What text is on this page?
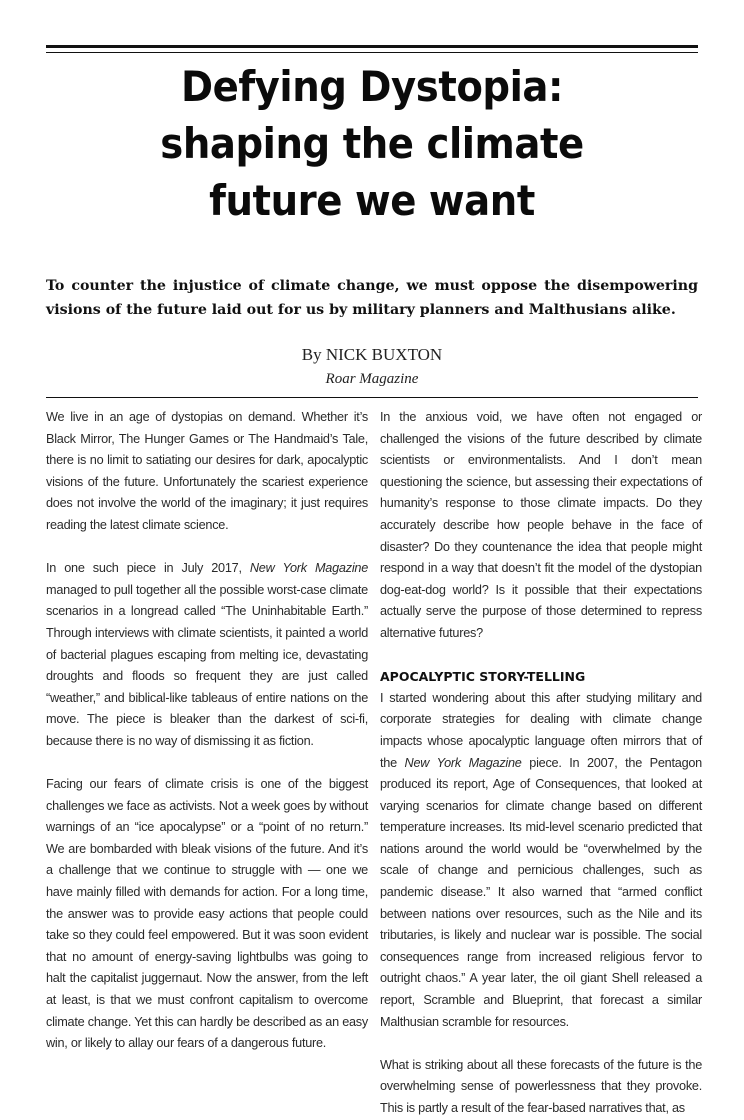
Defying Dystopia:
shaping the climate
future we want

To counter the injustice of climate change, we must oppose the disempowering visions of the future laid out for us by military planners and Malthusians alike.

By NICK BUXTON
Roar Magazine

We live in an age of dystopias on demand. Whether it’s Black Mirror, The Hunger Games or The Handmaid’s Tale, there is no limit to satiating our desires for dark, apocalyptic visions of the future. Unfortunately the scariest experience does not involve the world of the imaginary; it just requires reading the latest climate science.

In one such piece in July 2017, New York Magazine managed to pull together all the possible worst-case climate scenarios in a longread called “The Uninhabitable Earth.” Through interviews with climate scientists, it painted a world of bacterial plagues escaping from melting ice, devastating droughts and floods so frequent they are just called “weather,” and biblical-like tableaus of entire nations on the move. The piece is bleaker than the darkest of sci-fi, because there is no way of dismissing it as fiction.

Facing our fears of climate crisis is one of the biggest challenges we face as activists. Not a week goes by without warnings of an “ice apocalypse” or a “point of no return.” We are bombarded with bleak visions of the future. And it’s a challenge that we continue to struggle with — one we have mainly filled with demands for action. For a long time, the answer was to provide easy actions that people could take so they could feel empowered. But it was soon evident that no amount of energy-saving lightbulbs was going to halt the capitalist juggernaut. Now the answer, from the left at least, is that we must confront capitalism to overcome climate change. Yet this can hardly be described as an easy win, or likely to allay our fears of a dangerous future.

In the anxious void, we have often not engaged or challenged the visions of the future described by climate scientists or environmentalists. And I don’t mean questioning the science, but assessing their expectations of humanity’s response to those climate impacts. Do they accurately describe how people behave in the face of disaster? Do they countenance the idea that people might respond in a way that doesn’t fit the model of the dystopian dog-eat-dog world? Is it possible that their expectations actually serve the purpose of those determined to repress alternative futures?

APOCALYPTIC STORY-TELLING

I started wondering about this after studying military and corporate strategies for dealing with climate change impacts whose apocalyptic language often mirrors that of the New York Magazine piece. In 2007, the Pentagon produced its report, Age of Consequences, that looked at varying scenarios for climate change based on different temperature increases. Its mid-level scenario predicted that nations around the world would be “overwhelmed by the scale of change and pernicious challenges, such as pandemic disease.” It also warned that “armed conflict between nations over resources, such as the Nile and its tributaries, is likely and nuclear war is possible. The social consequences range from increased religious fervor to outright chaos.” A year later, the oil giant Shell released a report, Scramble and Blueprint, that forecast a similar Malthusian scramble for resources.

What is striking about all these forecasts of the future is the overwhelming sense of powerlessness that they provoke. This is partly a result of the fear-based narratives that, as
